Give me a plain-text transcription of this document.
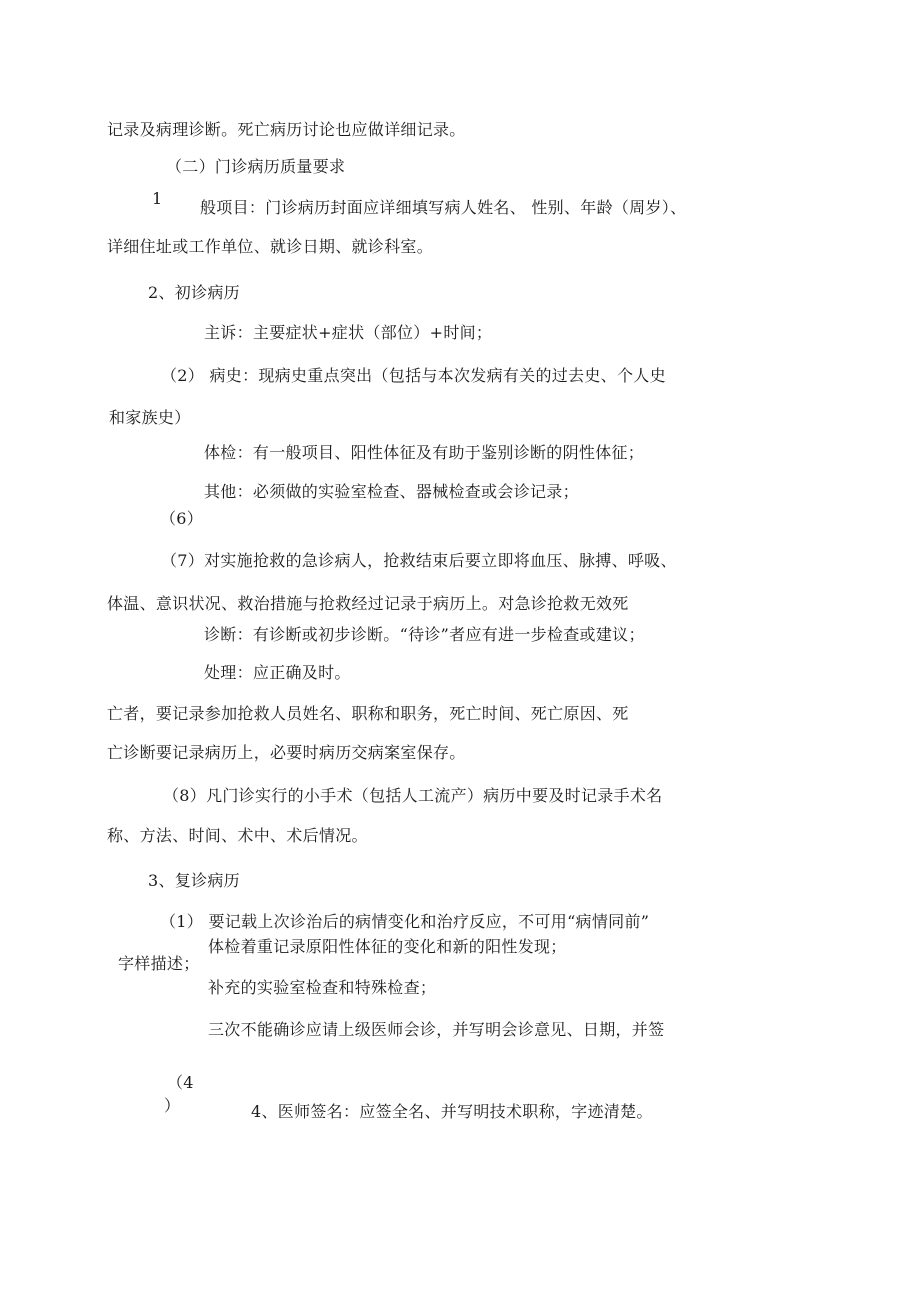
记录及病理诊断。死亡病历讨论也应做详细记录。
（二）门诊病历质量要求
1 般项目：门诊病历封面应详细填写病人姓名、 性别、年龄（周岁）、
详细住址或工作单位、就诊日期、就诊科室。
2、初诊病历
主诉：主要症状+症状（部位）+时间；
（2） 病史：现病史重点突出（包括与本次发病有关的过去史、个人史
和家族史）
体检：有一般项目、阳性体征及有助于鉴别诊断的阴性体征；
其他：必须做的实验室检查、器械检查或会诊记录；
（6）
（7）对实施抢救的急诊病人，抢救结束后要立即将血压、脉搏、呼吸、
体温、意识状况、救治措施与抢救经过记录于病历上。对急诊抢救无效死
诊断：有诊断或初步诊断。“待诊”者应有进一步检查或建议；
处理：应正确及时。
亡者，要记录参加抢救人员姓名、职称和职务，死亡时间、死亡原因、死
亡诊断要记录病历上，必要时病历交病案室保存。
（8）凡门诊实行的小手术（包括人工流产）病历中要及时记录手术名
称、方法、时间、术中、术后情况。
3、复诊病历
（1） 要记载上次诊治后的病情变化和治疗反应，不可用“病情同前”
体检着重记录原阳性体征的变化和新的阳性发现；
字样描述；
补充的实验室检查和特殊检查；
三次不能确诊应请上级医师会诊，并写明会诊意见、日期，并签
（4
）	4、医师签名：应签全名、并写明技术职称，字迹清楚。
